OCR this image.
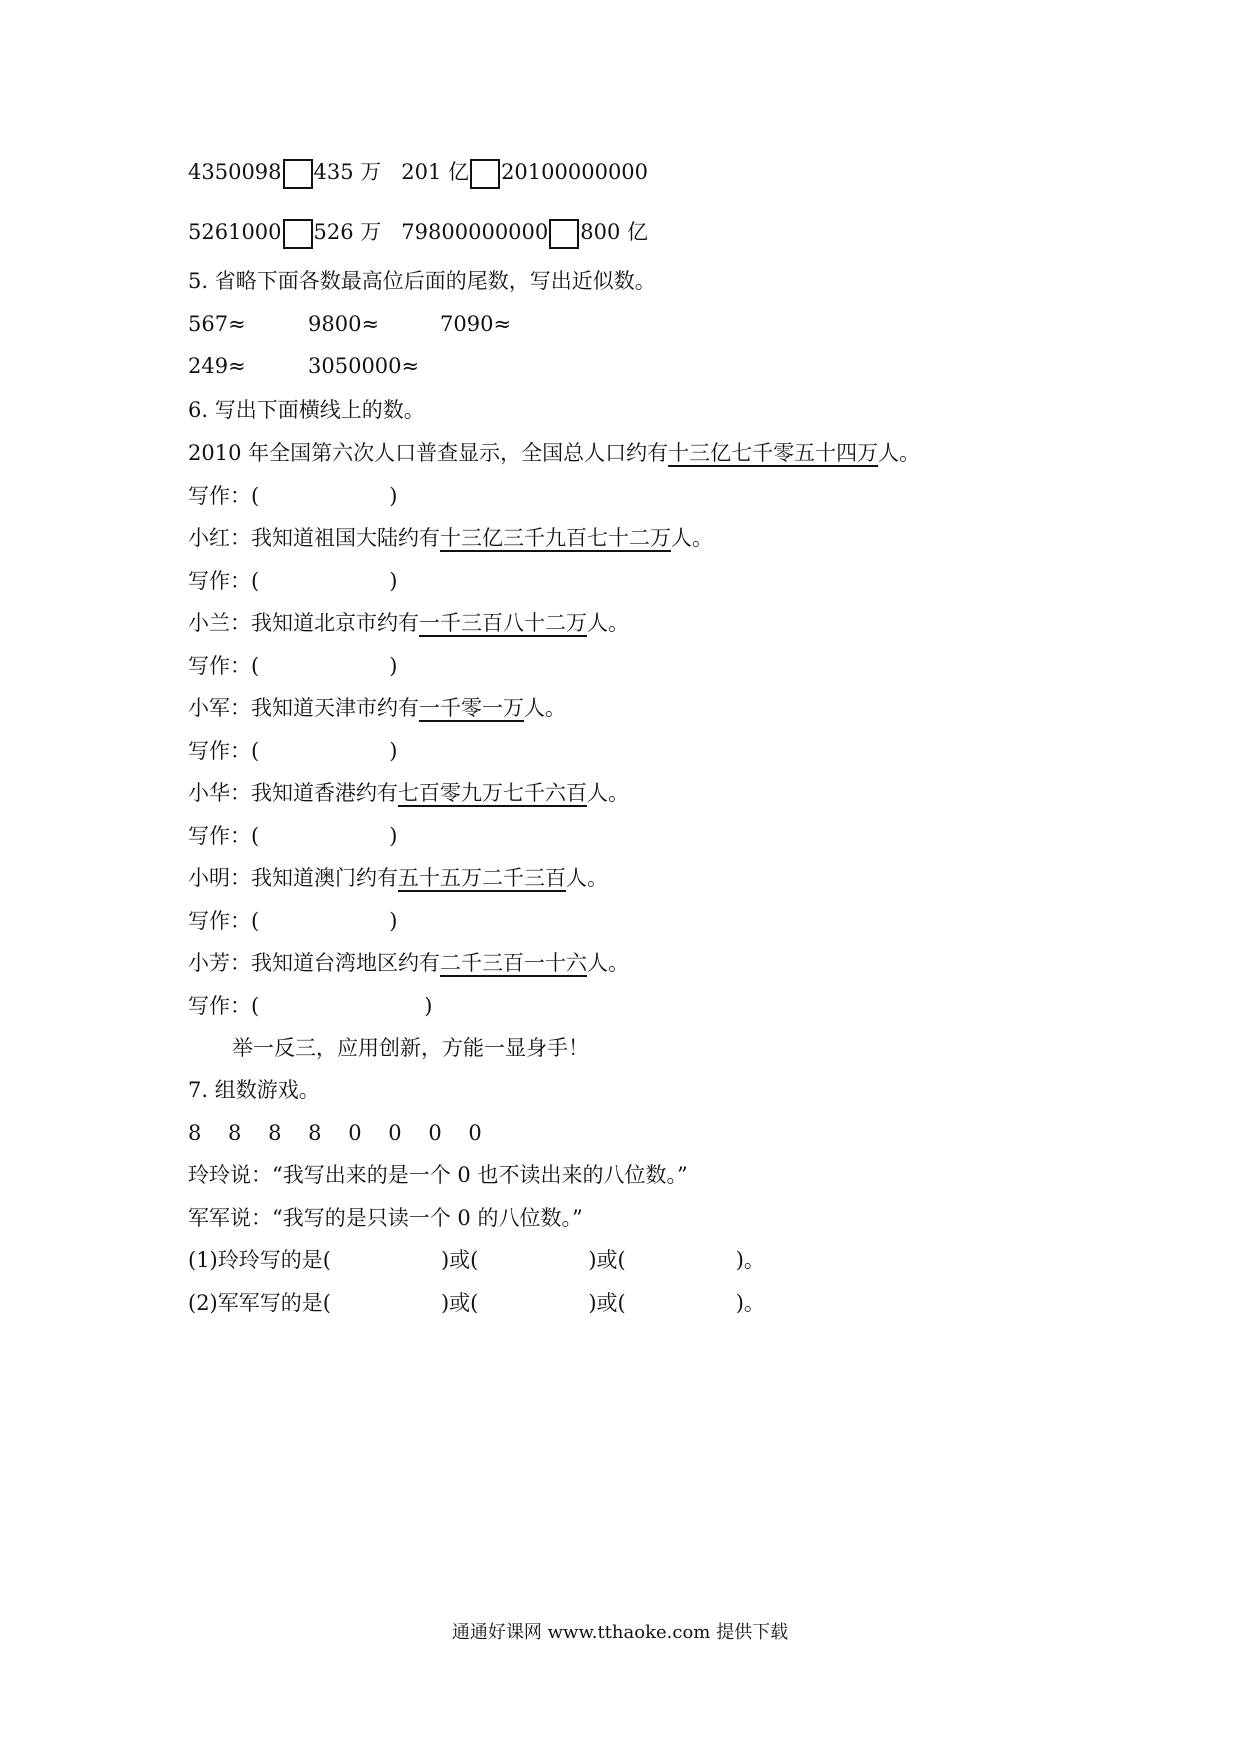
4350098 435 万 201 亿 20100000000
5261000 526 万 79800000000 800 亿
5. 省略下面各数最高位后面的尾数，写出近似数。
567≈	9800≈	7090≈
249≈	3050000≈
6. 写出下面横线上的数。
2010 年全国第六次人口普查显示，全国总人口约有十三亿七千零五十四万人。
写作：(	)
小红：我知道祖国大陆约有十三亿三千九百七十二万人。
写作：(	)
小兰：我知道北京市约有一千三百八十二万人。
写作：(	)
小军：我知道天津市约有一千零一万人。
写作：(	)
小华：我知道香港约有七百零九万七千六百人。
写作：(	)
小明：我知道澳门约有五十五万二千三百人。
写作：(	)
小芳：我知道台湾地区约有二千三百一十六人。
写作：(	)
举一反三，应用创新，方能一显身手！
7. 组数游戏。
8    8    8    8    0    0    0    0
玲玲说：“我写出来的是一个 0 也不读出来的八位数。”
军军说：“我写的是只读一个 0 的八位数。”
(1)玲玲写的是(	)或(	)或(	)。
(2)军军写的是(	)或(	)或(	)。
通通好课网 www.tthaoke.com 提供下载
